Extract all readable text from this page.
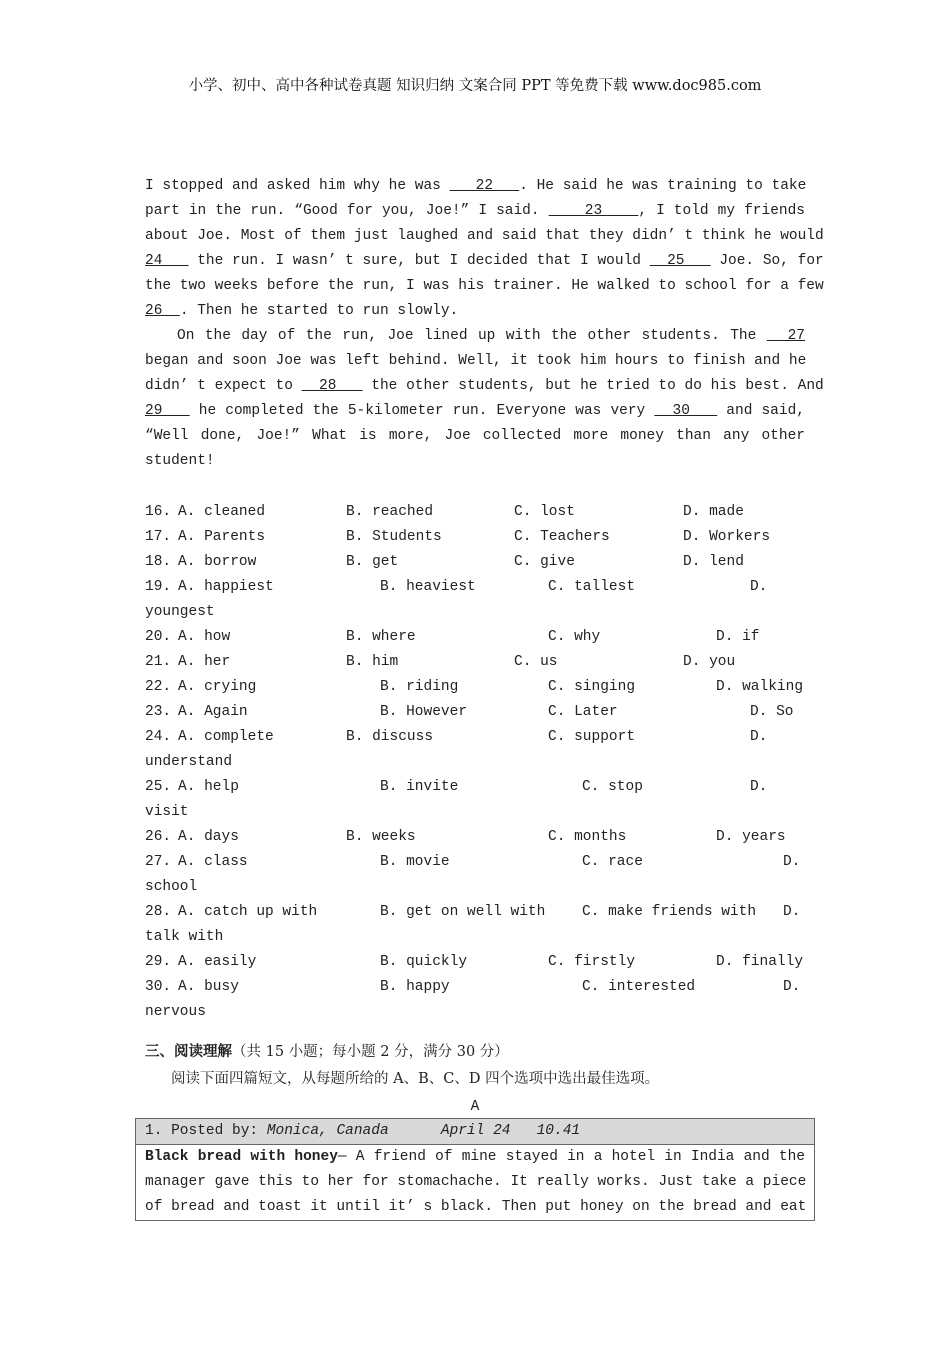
小学、初中、高中各种试卷真题 知识归纳 文案合同 PPT 等免费下载 www.doc985.com
I stopped and asked him why he was    22   . He said he was training to take
part in the run. “Good for you, Joe!” I said.     23    , I told my friends
about Joe. Most of them just laughed and said that they didn’ t think he would
24    the run. I wasn’ t sure, but I decided that I would   25    Joe. So, for
the two weeks before the run, I was his trainer. He walked to school for a few
26  . Then he started to run slowly.
On the day of the run, Joe lined up with the other students. The   27
began and soon Joe was left behind. Well, it took him hours to finish and he
didn’ t expect to   28    the other students, but he tried to do his best. And
29    he completed the 5-kilometer run. Everyone was very   30    and said,
“Well done, Joe!” What is more, Joe collected more money than any other
student!
16. A. cleaned	B. reached	C. lost	D. made
17. A. Parents	B. Students	C. Teachers	D. Workers
18. A. borrow	B. get	C. give	D. lend
19. A. happiest	B. heaviest	C. tallest	D.
youngest
20. A. how	B. where	C. why	D. if
21. A. her	B. him	C. us	D. you
22. A. crying	B. riding	C. singing	D. walking
23. A. Again	B. However	C. Later	D. So
24. A. complete	B. discuss	C. support	D.
understand
25. A. help	B. invite	C. stop	D.
visit
26. A. days	B. weeks	C. months	D. years
27. A. class	B. movie	C. race	D.
school
28. A. catch up with	B. get on well with	C. make friends with D.
talk with
29. A. easily	B. quickly	C. firstly	D. finally
30. A. busy	B. happy	C. interested	D.
nervous
三、阅读理解（共 15 小题；每小题 2 分，满分 30 分）
阅读下面四篇短文，从每题所给的 A、B、C、D 四个选项中选出最佳选项。
A
1. Posted by: Monica, Canada	April 24   10.41
Black bread with honey— A friend of mine stayed in a hotel in India and the
manager gave this to her for stomachache. It really works. Just take a piece
of bread and toast it until it’ s black. Then put honey on the bread and eat
